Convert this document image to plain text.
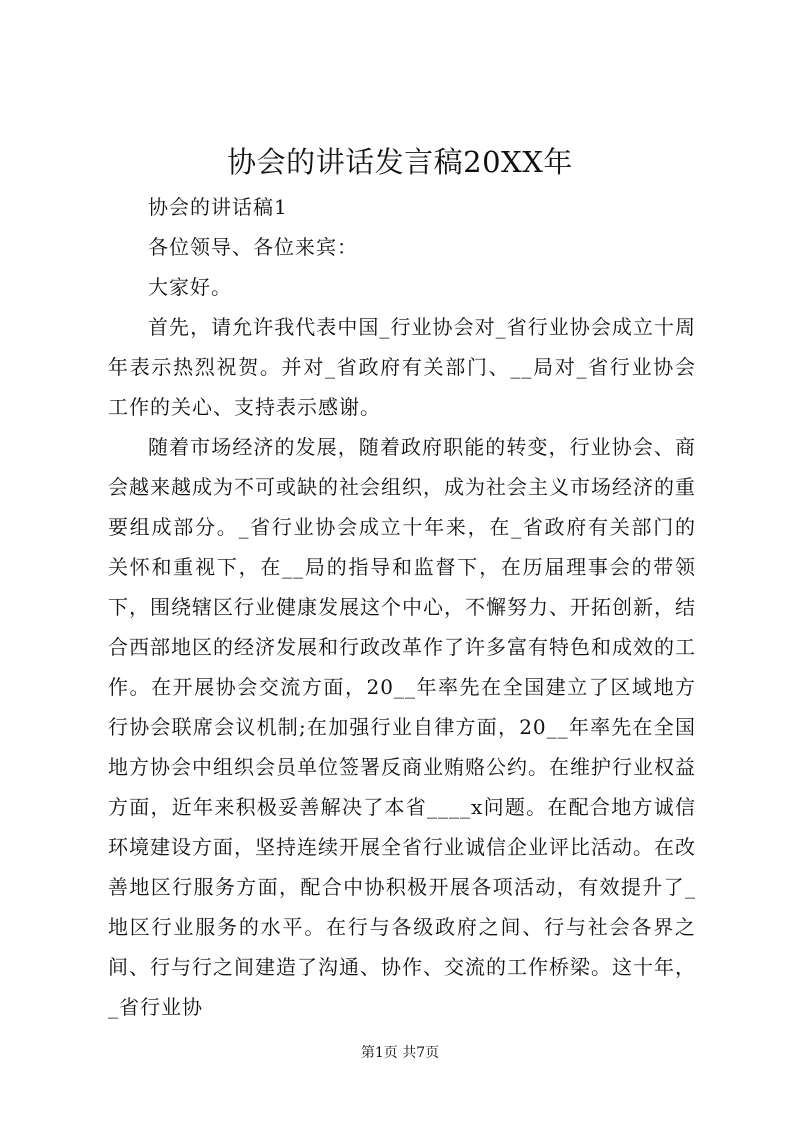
协会的讲话发言稿20XX年

协会的讲话稿1

各位领导、各位来宾：

大家好。

首先，请允许我代表中国_行业协会对_省行业协会成立十周年表示热烈祝贺。并对_省政府有关部门、__局对_省行业协会工作的关心、支持表示感谢。

随着市场经济的发展，随着政府职能的转变，行业协会、商会越来越成为不可或缺的社会组织，成为社会主义市场经济的重要组成部分。_省行业协会成立十年来，在_省政府有关部门的关怀和重视下，在__局的指导和监督下，在历届理事会的带领下，围绕辖区行业健康发展这个中心，不懈努力、开拓创新，结合西部地区的经济发展和行政改革作了许多富有特色和成效的工作。在开展协会交流方面，20__年率先在全国建立了区域地方行协会联席会议机制;在加强行业自律方面，20__年率先在全国地方协会中组织会员单位签署反商业贿赂公约。在维护行业权益方面，近年来积极妥善解决了本省____x问题。在配合地方诚信环境建设方面，坚持连续开展全省行业诚信企业评比活动。在改善地区行服务方面，配合中协积极开展各项活动，有效提升了_地区行业服务的水平。在行与各级政府之间、行与社会各界之间、行与行之间建造了沟通、协作、交流的工作桥梁。这十年，_省行业协

第1页 共7页
